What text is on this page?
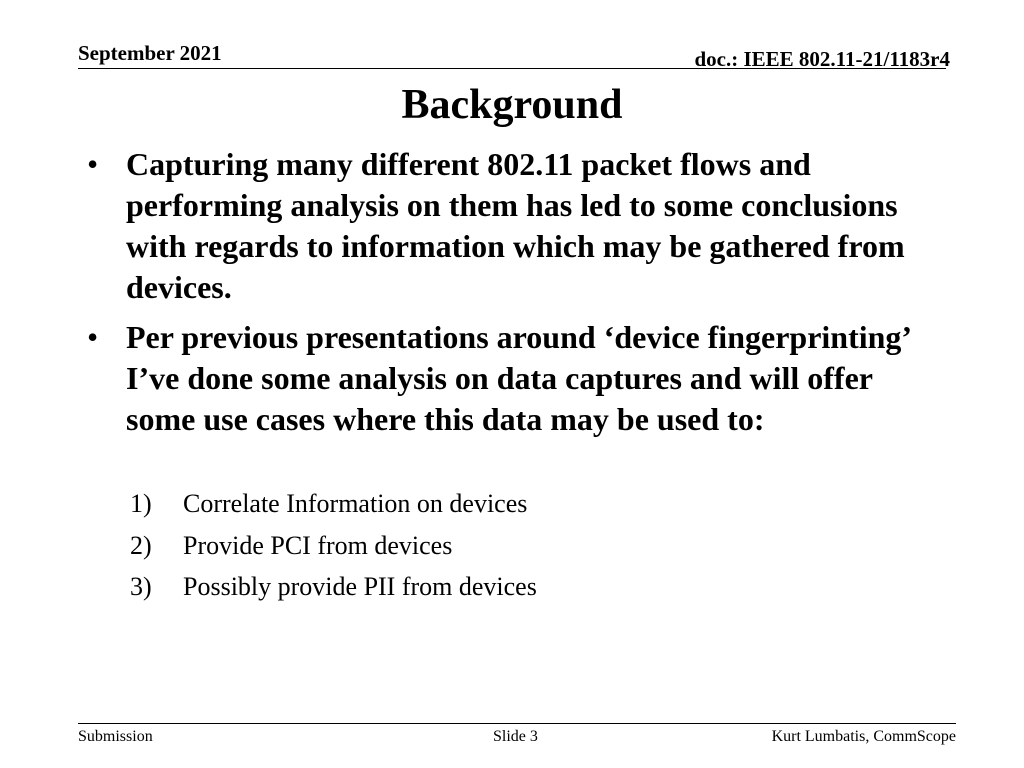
September 2021	doc.: IEEE 802.11-21/1183r4
Background
• Capturing many different 802.11 packet flows and performing analysis on them has led to some conclusions with regards to information which may be gathered from devices.
• Per previous presentations around ‘device fingerprinting’ I’ve done some analysis on data captures and will offer some use cases where this data may be used to:
1) Correlate Information on devices
2) Provide PCI from devices
3) Possibly provide PII from devices
Submission	Slide 3	Kurt Lumbatis, CommScope
